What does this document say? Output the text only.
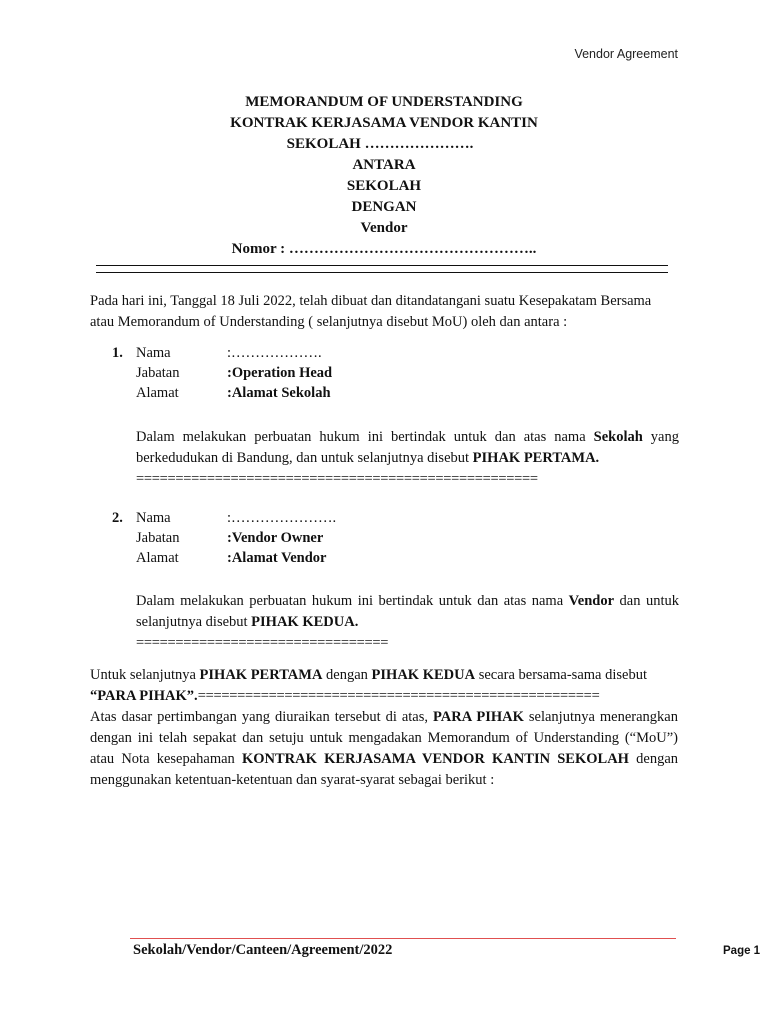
Vendor Agreement
MEMORANDUM OF UNDERSTANDING
KONTRAK KERJASAMA VENDOR KANTIN
SEKOLAH ………………….
ANTARA
SEKOLAH
DENGAN
Vendor
Nomor : …………………………………………..
Pada hari ini, Tanggal 18 Juli 2022, telah dibuat dan ditandatangani suatu Kesepakatam Bersama atau Memorandum of Understanding ( selanjutnya disebut MoU) oleh dan antara :
1. Nama	:……………….
Jabatan	:Operation Head
Alamat	:Alamat Sekolah
Dalam melakukan perbuatan hukum ini bertindak untuk dan atas nama Sekolah yang berkedudukan di Bandung, dan untuk selanjutnya disebut PIHAK PERTAMA.
===================================================
2. Nama	:………………….
Jabatan	:Vendor Owner
Alamat	:Alamat Vendor
Dalam melakukan perbuatan hukum ini bertindak untuk dan atas nama Vendor dan untuk selanjutnya disebut PIHAK KEDUA.
================================
Untuk selanjutnya PIHAK PERTAMA dengan PIHAK KEDUA secara bersama-sama disebut
“PARA PIHAK”.===================================================
Atas dasar pertimbangan yang diuraikan tersebut di atas, PARA PIHAK selanjutnya menerangkan dengan ini telah sepakat dan setuju untuk mengadakan Memorandum of Understanding (“MoU”) atau Nota kesepahaman KONTRAK KERJASAMA VENDOR KANTIN SEKOLAH dengan menggunakan ketentuan-ketentuan dan syarat-syarat sebagai berikut :
Sekolah/Vendor/Canteen/Agreement/2022	Page 1
